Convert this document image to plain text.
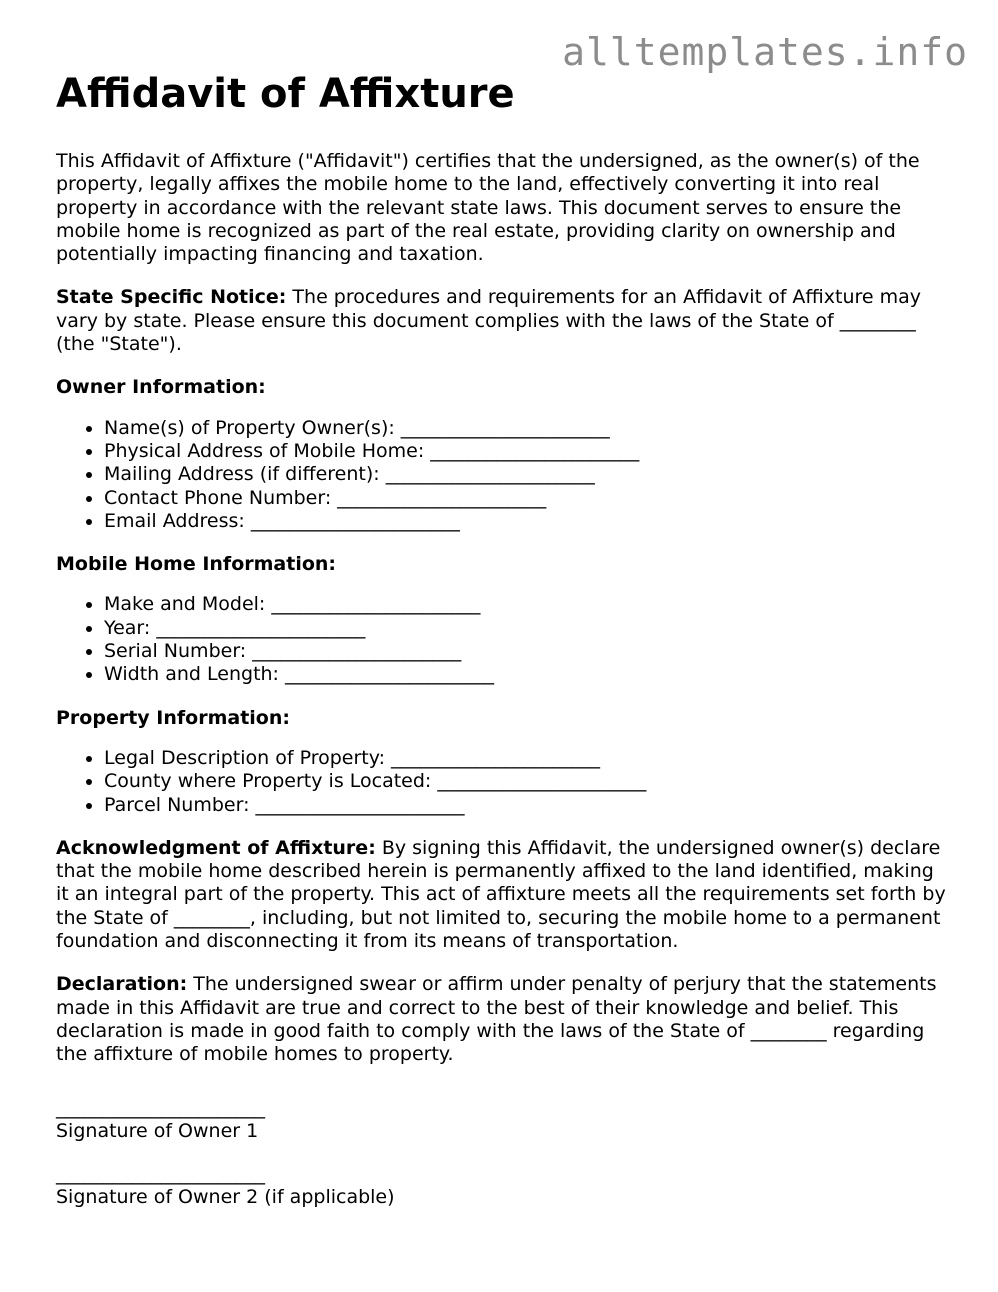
alltemplates.info
Affidavit of Affixture

This Affidavit of Affixture ("Affidavit") certifies that the undersigned, as the owner(s) of the property, legally affixes the mobile home to the land, effectively converting it into real property in accordance with the relevant state laws. This document serves to ensure the mobile home is recognized as part of the real estate, providing clarity on ownership and potentially impacting financing and taxation.

State Specific Notice: The procedures and requirements for an Affidavit of Affixture may vary by state. Please ensure this document complies with the laws of the State of ________ (the "State").

Owner Information:
• Name(s) of Property Owner(s): ______________________
• Physical Address of Mobile Home: ______________________
• Mailing Address (if different): ______________________
• Contact Phone Number: ______________________
• Email Address: ______________________
Mobile Home Information:
• Make and Model: ______________________
• Year: ______________________
• Serial Number: ______________________
• Width and Length: ______________________
Property Information:
• Legal Description of Property: ______________________
• County where Property is Located: ______________________
• Parcel Number: ______________________

Acknowledgment of Affixture: By signing this Affidavit, the undersigned owner(s) declare that the mobile home described herein is permanently affixed to the land identified, making it an integral part of the property. This act of affixture meets all the requirements set forth by the State of ________, including, but not limited to, securing the mobile home to a permanent foundation and disconnecting it from its means of transportation.

Declaration: The undersigned swear or affirm under penalty of perjury that the statements made in this Affidavit are true and correct to the best of their knowledge and belief. This declaration is made in good faith to comply with the laws of the State of ________ regarding the affixture of mobile homes to property.

______________________
Signature of Owner 1
______________________
Signature of Owner 2 (if applicable)
